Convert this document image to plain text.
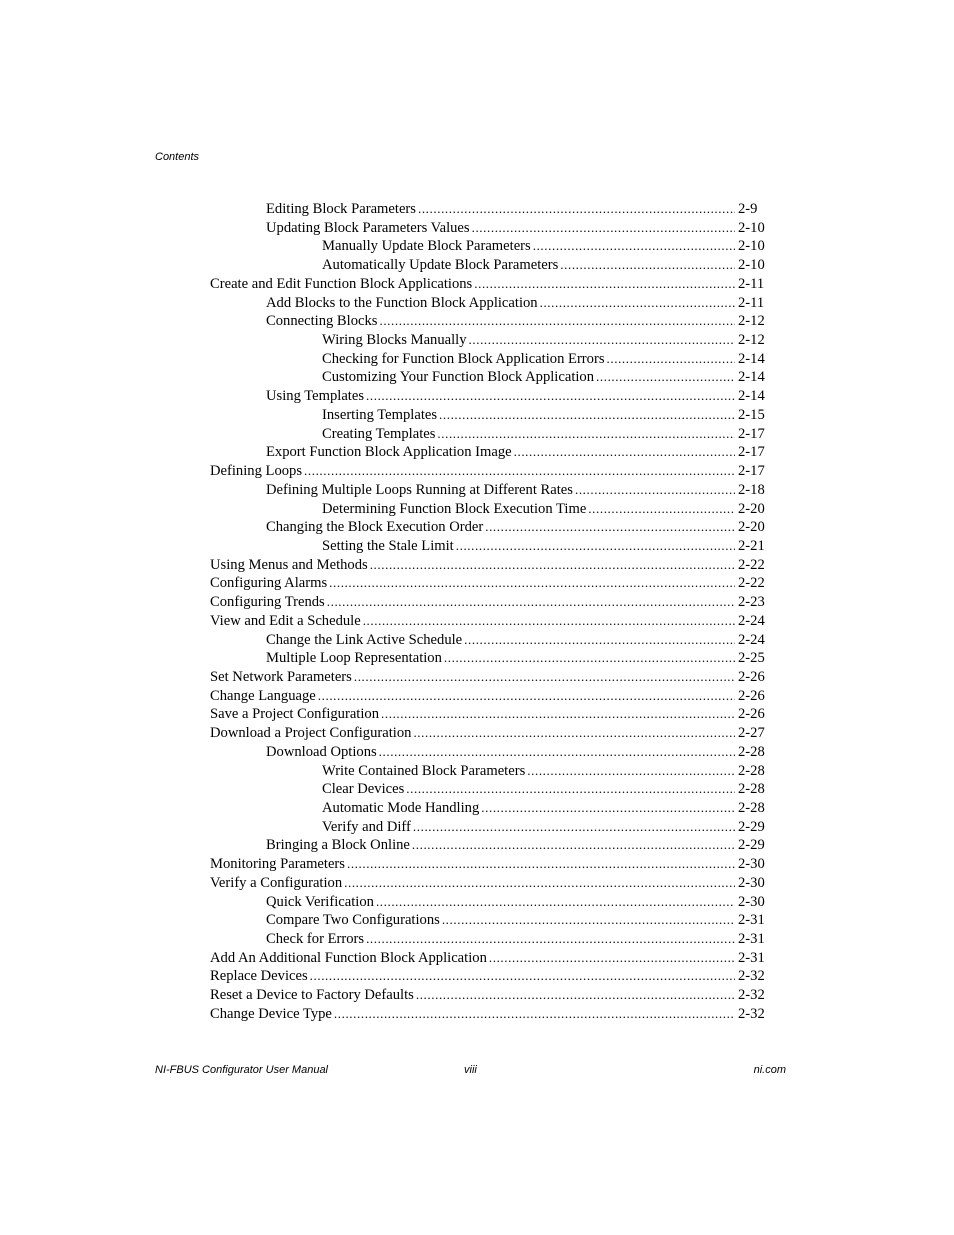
Contents
Editing Block Parameters .....	2-9
Updating Block Parameters Values .....	2-10
Manually Update Block Parameters .....	2-10
Automatically Update Block Parameters .....	2-10
Create and Edit Function Block Applications .....	2-11
Add Blocks to the Function Block Application .....	2-11
Connecting Blocks .....	2-12
Wiring Blocks Manually .....	2-12
Checking for Function Block Application Errors .....	2-14
Customizing Your Function Block Application .....	2-14
Using Templates .....	2-14
Inserting Templates .....	2-15
Creating Templates .....	2-17
Export Function Block Application Image .....	2-17
Defining Loops .....	2-17
Defining Multiple Loops Running at Different Rates .....	2-18
Determining Function Block Execution Time .....	2-20
Changing the Block Execution Order .....	2-20
Setting the Stale Limit .....	2-21
Using Menus and Methods .....	2-22
Configuring Alarms .....	2-22
Configuring Trends .....	2-23
View and Edit a Schedule .....	2-24
Change the Link Active Schedule .....	2-24
Multiple Loop Representation .....	2-25
Set Network Parameters .....	2-26
Change Language .....	2-26
Save a Project Configuration .....	2-26
Download a Project Configuration .....	2-27
Download Options .....	2-28
Write Contained Block Parameters .....	2-28
Clear Devices .....	2-28
Automatic Mode Handling .....	2-28
Verify and Diff .....	2-29
Bringing a Block Online .....	2-29
Monitoring Parameters .....	2-30
Verify a Configuration .....	2-30
Quick Verification .....	2-30
Compare Two Configurations .....	2-31
Check for Errors .....	2-31
Add An Additional Function Block Application .....	2-31
Replace Devices .....	2-32
Reset a Device to Factory Defaults .....	2-32
Change Device Type .....	2-32
NI-FBUS Configurator User Manual	viii	ni.com
